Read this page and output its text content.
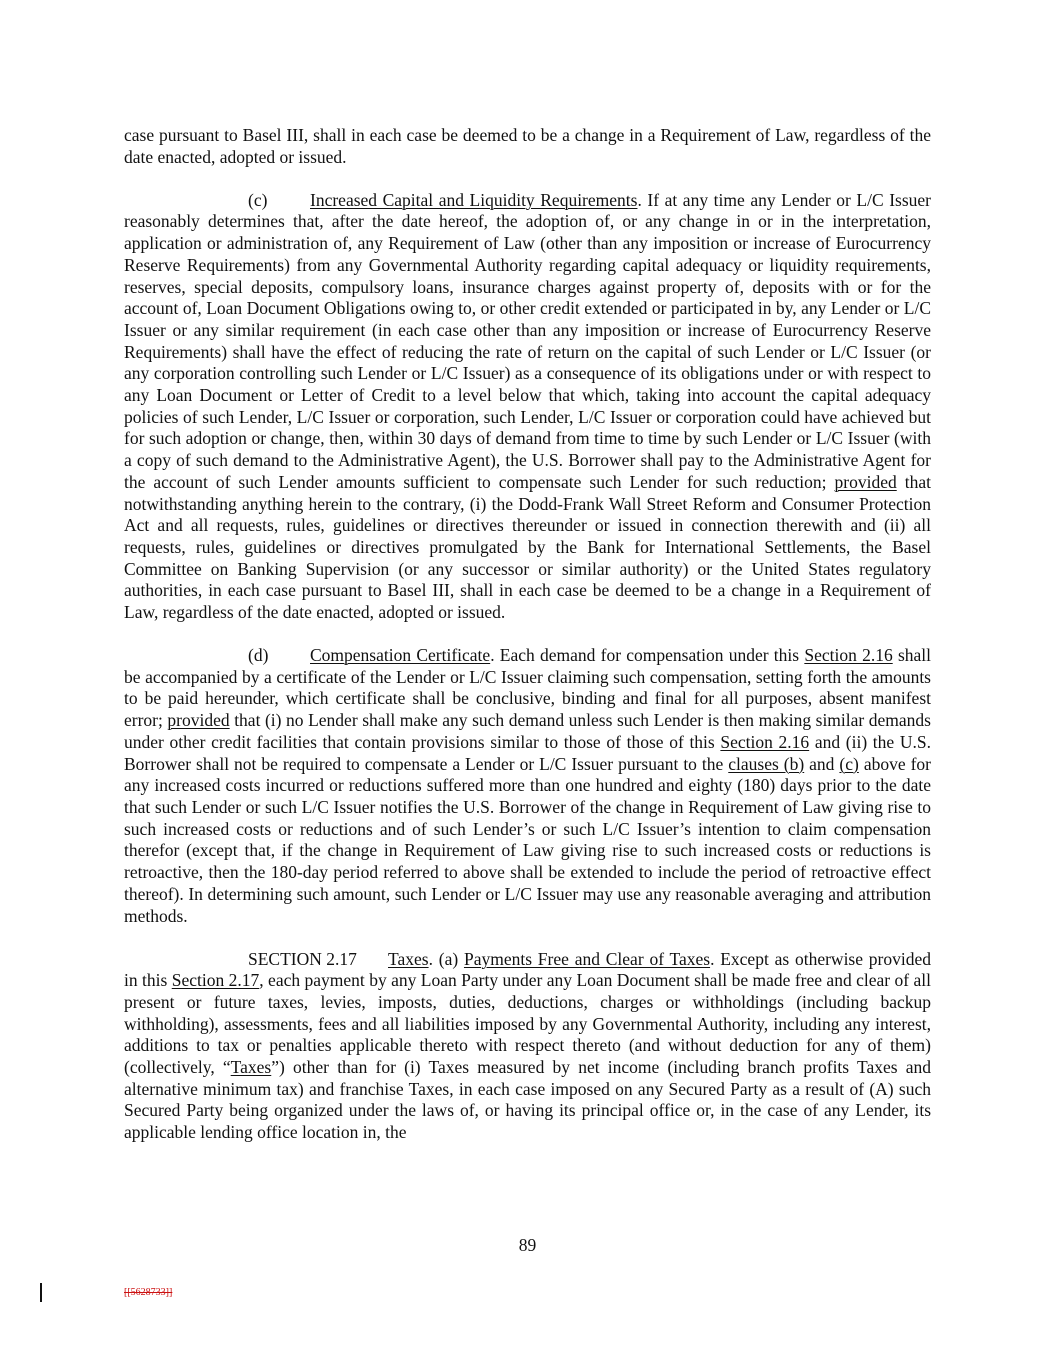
case pursuant to Basel III, shall in each case be deemed to be a change in a Requirement of Law, regardless of the date enacted, adopted or issued.

(c) Increased Capital and Liquidity Requirements. If at any time any Lender or L/C Issuer reasonably determines that, after the date hereof, the adoption of, or any change in or in the interpretation, application or administration of, any Requirement of Law (other than any imposition or increase of Eurocurrency Reserve Requirements) from any Governmental Authority regarding capital adequacy or liquidity requirements, reserves, special deposits, compulsory loans, insurance charges against property of, deposits with or for the account of, Loan Document Obligations owing to, or other credit extended or participated in by, any Lender or L/C Issuer or any similar requirement (in each case other than any imposition or increase of Eurocurrency Reserve Requirements) shall have the effect of reducing the rate of return on the capital of such Lender or L/C Issuer (or any corporation controlling such Lender or L/C Issuer) as a consequence of its obligations under or with respect to any Loan Document or Letter of Credit to a level below that which, taking into account the capital adequacy policies of such Lender, L/C Issuer or corporation, such Lender, L/C Issuer or corporation could have achieved but for such adoption or change, then, within 30 days of demand from time to time by such Lender or L/C Issuer (with a copy of such demand to the Administrative Agent), the U.S. Borrower shall pay to the Administrative Agent for the account of such Lender amounts sufficient to compensate such Lender for such reduction; provided that notwithstanding anything herein to the contrary, (i) the Dodd-Frank Wall Street Reform and Consumer Protection Act and all requests, rules, guidelines or directives thereunder or issued in connection therewith and (ii) all requests, rules, guidelines or directives promulgated by the Bank for International Settlements, the Basel Committee on Banking Supervision (or any successor or similar authority) or the United States regulatory authorities, in each case pursuant to Basel III, shall in each case be deemed to be a change in a Requirement of Law, regardless of the date enacted, adopted or issued.

(d) Compensation Certificate. Each demand for compensation under this Section 2.16 shall be accompanied by a certificate of the Lender or L/C Issuer claiming such compensation, setting forth the amounts to be paid hereunder, which certificate shall be conclusive, binding and final for all purposes, absent manifest error; provided that (i) no Lender shall make any such demand unless such Lender is then making similar demands under other credit facilities that contain provisions similar to those of those of this Section 2.16 and (ii) the U.S. Borrower shall not be required to compensate a Lender or L/C Issuer pursuant to the clauses (b) and (c) above for any increased costs incurred or reductions suffered more than one hundred and eighty (180) days prior to the date that such Lender or such L/C Issuer notifies the U.S. Borrower of the change in Requirement of Law giving rise to such increased costs or reductions and of such Lender’s or such L/C Issuer’s intention to claim compensation therefor (except that, if the change in Requirement of Law giving rise to such increased costs or reductions is retroactive, then the 180-day period referred to above shall be extended to include the period of retroactive effect thereof). In determining such amount, such Lender or L/C Issuer may use any reasonable averaging and attribution methods.

SECTION 2.17 Taxes. (a) Payments Free and Clear of Taxes. Except as otherwise provided in this Section 2.17, each payment by any Loan Party under any Loan Document shall be made free and clear of all present or future taxes, levies, imposts, duties, deductions, charges or withholdings (including backup withholding), assessments, fees and all liabilities imposed by any Governmental Authority, including any interest, additions to tax or penalties applicable thereto with respect thereto (and without deduction for any of them) (collectively, “Taxes”) other than for (i) Taxes measured by net income (including branch profits Taxes and alternative minimum tax) and franchise Taxes, in each case imposed on any Secured Party as a result of (A) such Secured Party being organized under the laws of, or having its principal office or, in the case of any Lender, its applicable lending office location in, the

89
[[5628733]]
